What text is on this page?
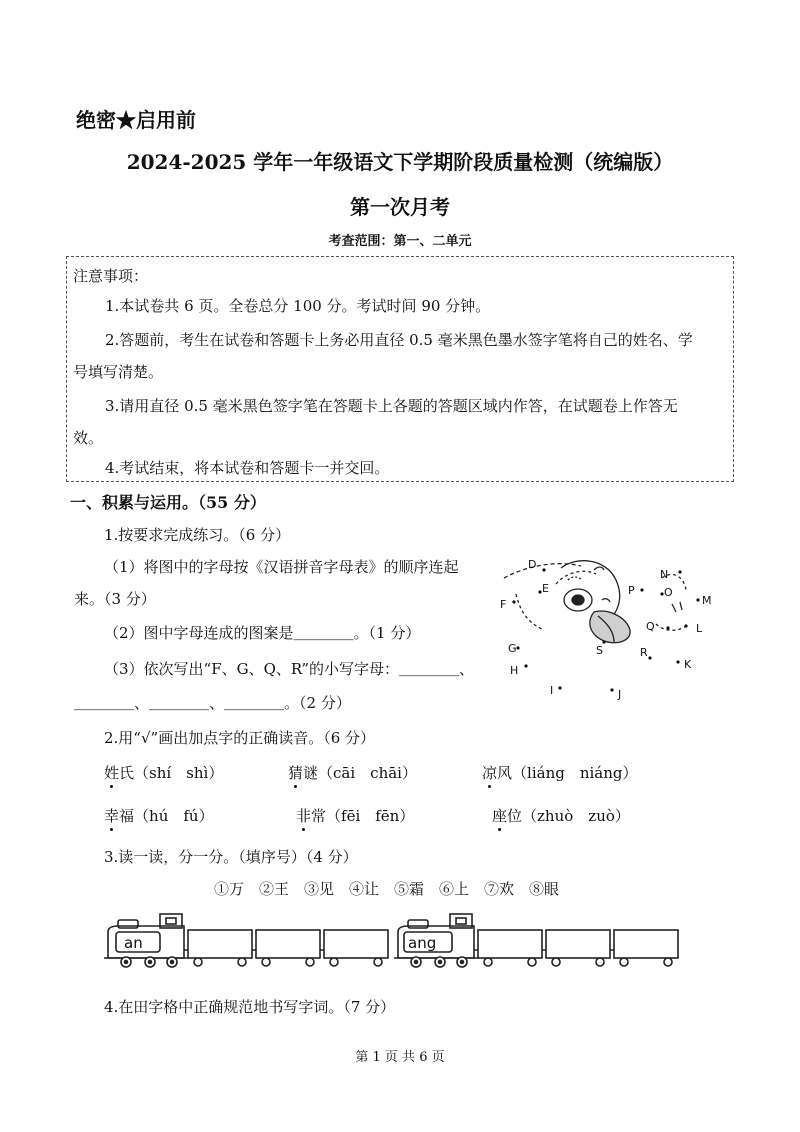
绝密★启用前
2024-2025 学年一年级语文下学期阶段质量检测（统编版）
第一次月考
考查范围：第一、二单元
注意事项：
1.本试卷共 6 页。全卷总分 100 分。考试时间 90 分钟。
2.答题前，考生在试卷和答题卡上务必用直径 0.5 毫米黑色墨水签字笔将自己的姓名、学
号填写清楚。
3.请用直径 0.5 毫米黑色签字笔在答题卡上各题的答题区域内作答，在试题卷上作答无
效。
4.考试结束，将本试卷和答题卡一并交回。
一、积累与运用。（55 分）
1.按要求完成练习。（6 分）
（1）将图中的字母按《汉语拼音字母表》的顺序连起
来。（3 分）
（2）图中字母连成的图案是＿＿＿＿。（1 分）
（3）依次写出“F、G、Q、R”的小写字母：＿＿＿＿、
＿＿＿＿、＿＿＿＿、＿＿＿＿。（2 分）
D
E
F
G
H
I	J
K
L
M
N
O
P
Q
R
S
2.用“√”画出加点字的正确读音。（6 分）
姓氏（shí　shì）	猜谜（cāi　chāi）	凉风（liáng　niáng）
幸福（hú　fú）	非常（fēi　fēn）	座位（zhuò　zuò）
3.读一读，分一分。（填序号）（4 分）
①万　②王　③见　④让　⑤霜　⑥上　⑦欢　⑧眼
an	ang
4.在田字格中正确规范地书写字词。（7 分）
第 1 页 共 6 页
